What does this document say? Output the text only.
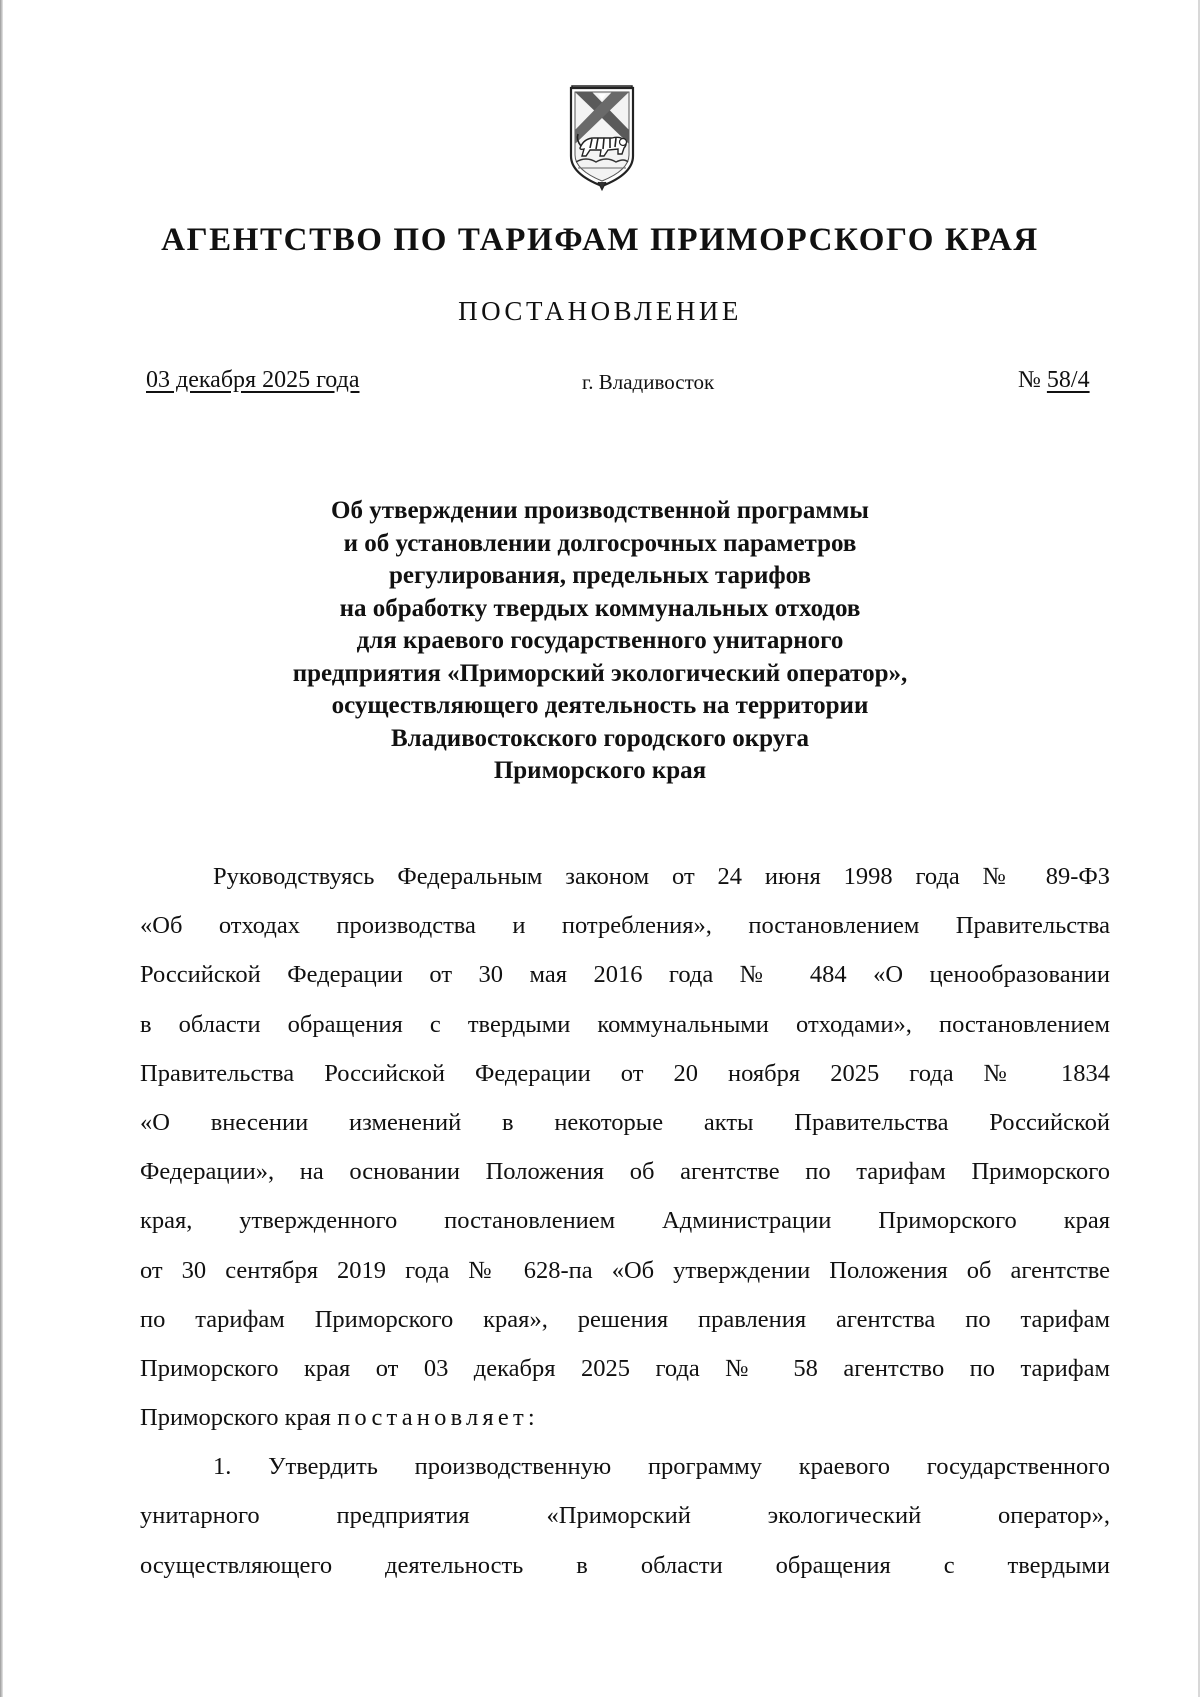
АГЕНТСТВО ПО ТАРИФАМ ПРИМОРСКОГО КРАЯ
ПОСТАНОВЛЕНИЕ
03 декабря 2025 года	г. Владивосток	№ 58/4
Об утверждении производственной программы
и об установлении долгосрочных параметров
регулирования, предельных тарифов
на обработку твердых коммунальных отходов
для краевого государственного унитарного
предприятия «Приморский экологический оператор»,
осуществляющего деятельность на территории
Владивостокского городского округа
Приморского края
Руководствуясь Федеральным законом от 24 июня 1998 года № 89-ФЗ
«Об отходах производства и потребления», постановлением Правительства
Российской Федерации от 30 мая 2016 года № 484 «О ценообразовании
в области обращения с твердыми коммунальными отходами», постановлением
Правительства Российской Федерации от 20 ноября 2025 года № 1834
«О внесении изменений в некоторые акты Правительства Российской
Федерации», на основании Положения об агентстве по тарифам Приморского
края, утвержденного постановлением Администрации Приморского края
от 30 сентября 2019 года № 628-па «Об утверждении Положения об агентстве
по тарифам Приморского края», решения правления агентства по тарифам
Приморского края от 03 декабря 2025 года № 58 агентство по тарифам
Приморского края постановляет:
1. Утвердить производственную программу краевого государственного
унитарного предприятия «Приморский экологический оператор»,
осуществляющего деятельность в области обращения с твердыми
